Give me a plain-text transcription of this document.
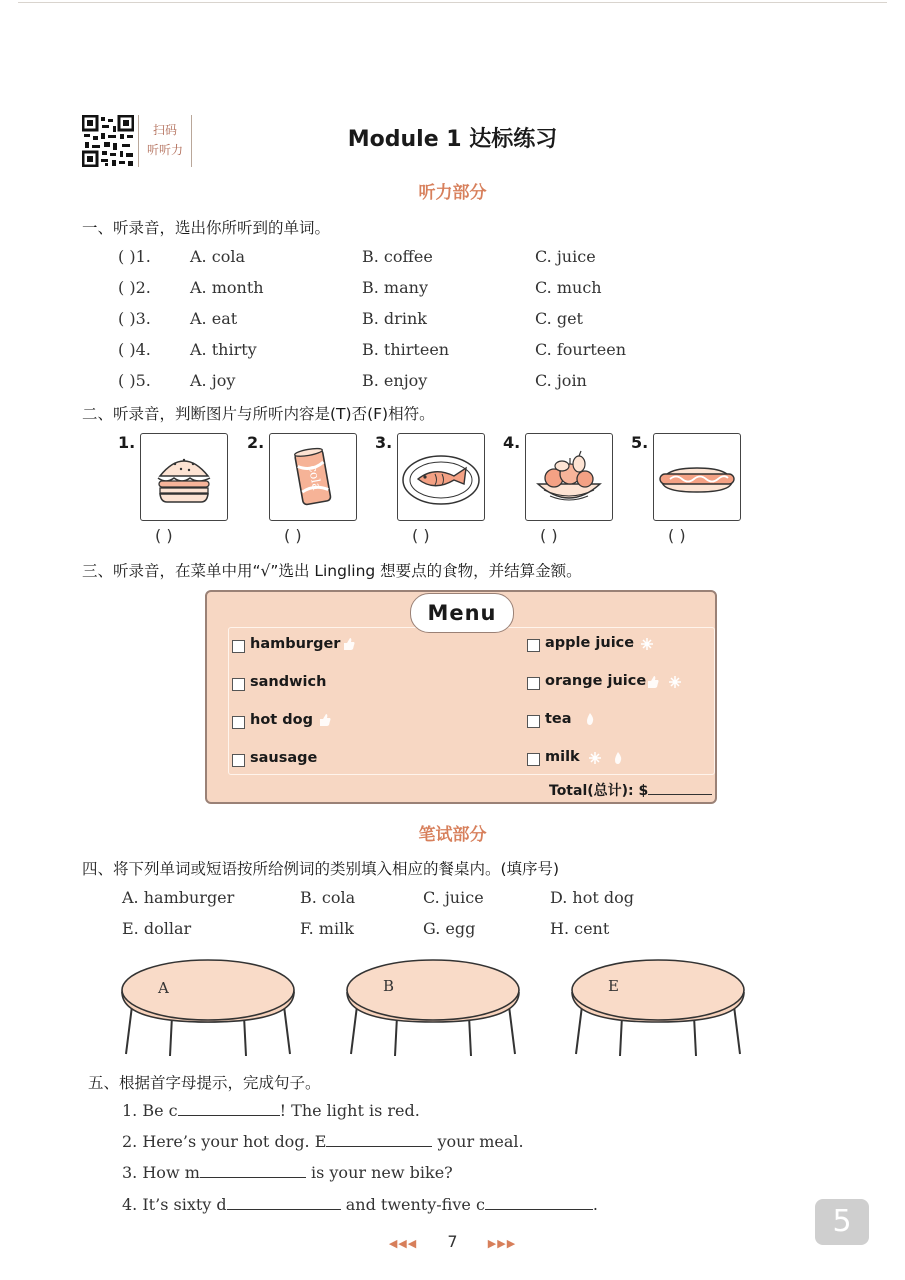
扫码
听听力	Module 1 达标练习
听力部分
一、听录音，选出你所听到的单词。
( )1. A. cola	B. coffee	C. juice
( )2. A. month	B. many	C. much
( )3. A. eat	B. drink	C. get
( )4. A. thirty	B. thirteen	C. fourteen
( )5. A. joy	B. enjoy	C. join
二、听录音，判断图片与所听内容是(T)否(F)相符。
1.
( )
2.
cola
( )
3.
( )
4.
( )
5.
( )
三、听录音，在菜单中用“√”选出 Lingling 想要点的食物，并结算金额。
Menu
hamburger
sandwich
hot dog
sausage
apple juice
orange juice
tea
milk
Total(总计): $
笔试部分
四、将下列单词或短语按所给例词的类别填入相应的餐桌内。(填序号)
A. hamburger	B. cola	C. juice	D. hot dog
E. dollar	F. milk	G. egg	H. cent
A	B	E
五、根据首字母提示，完成句子。
1. Be c	! The light is red.
2. Here’s your hot dog. E	your meal.
3. How m	is your new bike?
4. It’s sixty d	and twenty-five c	.
◀◀◀ 7	▶▶▶
5
